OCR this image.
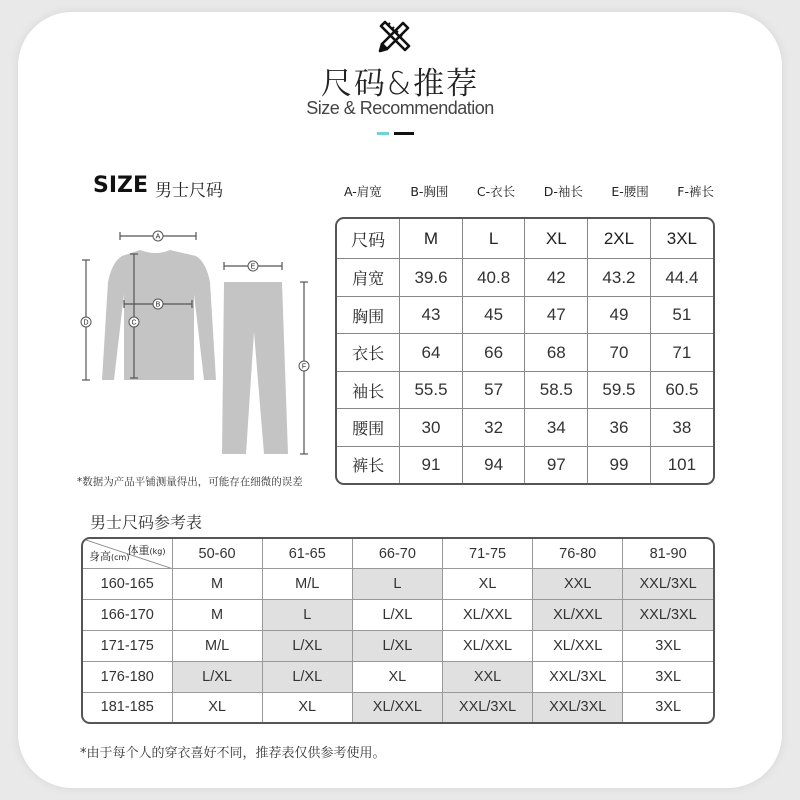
尺码&推荐
Size & Recommendation
SIZE 男士尺码	A-肩宽 B-胸围 C-衣长 D-袖长 E-腰围 F-裤长
A
B
C
D
E
F
*数据为产品平铺测量得出，可能存在细微的误差
尺码	M	L	XL	2XL	3XL
肩宽	39.6	40.8	42	43.2	44.4
胸围	43	45	47	49	51
衣长	64	66	68	70	71
袖长	55.5	57	58.5	59.5	60.5
腰围	30	32	34	36	38
裤长	91	94	97	99	101
男士尺码参考表
体重(kg)
身高(cm)	50-60	61-65	66-70	71-75	76-80	81-90
160-165	M	M/L	L	XL	XXL	XXL/3XL
166-170	M	L	L/XL	XL/XXL	XL/XXL	XXL/3XL
171-175	M/L	L/XL	L/XL	XL/XXL	XL/XXL	3XL
176-180	L/XL	L/XL	XL	XXL	XXL/3XL	3XL
181-185	XL	XL	XL/XXL	XXL/3XL	XXL/3XL	3XL
*由于每个人的穿衣喜好不同，推荐表仅供参考使用。
